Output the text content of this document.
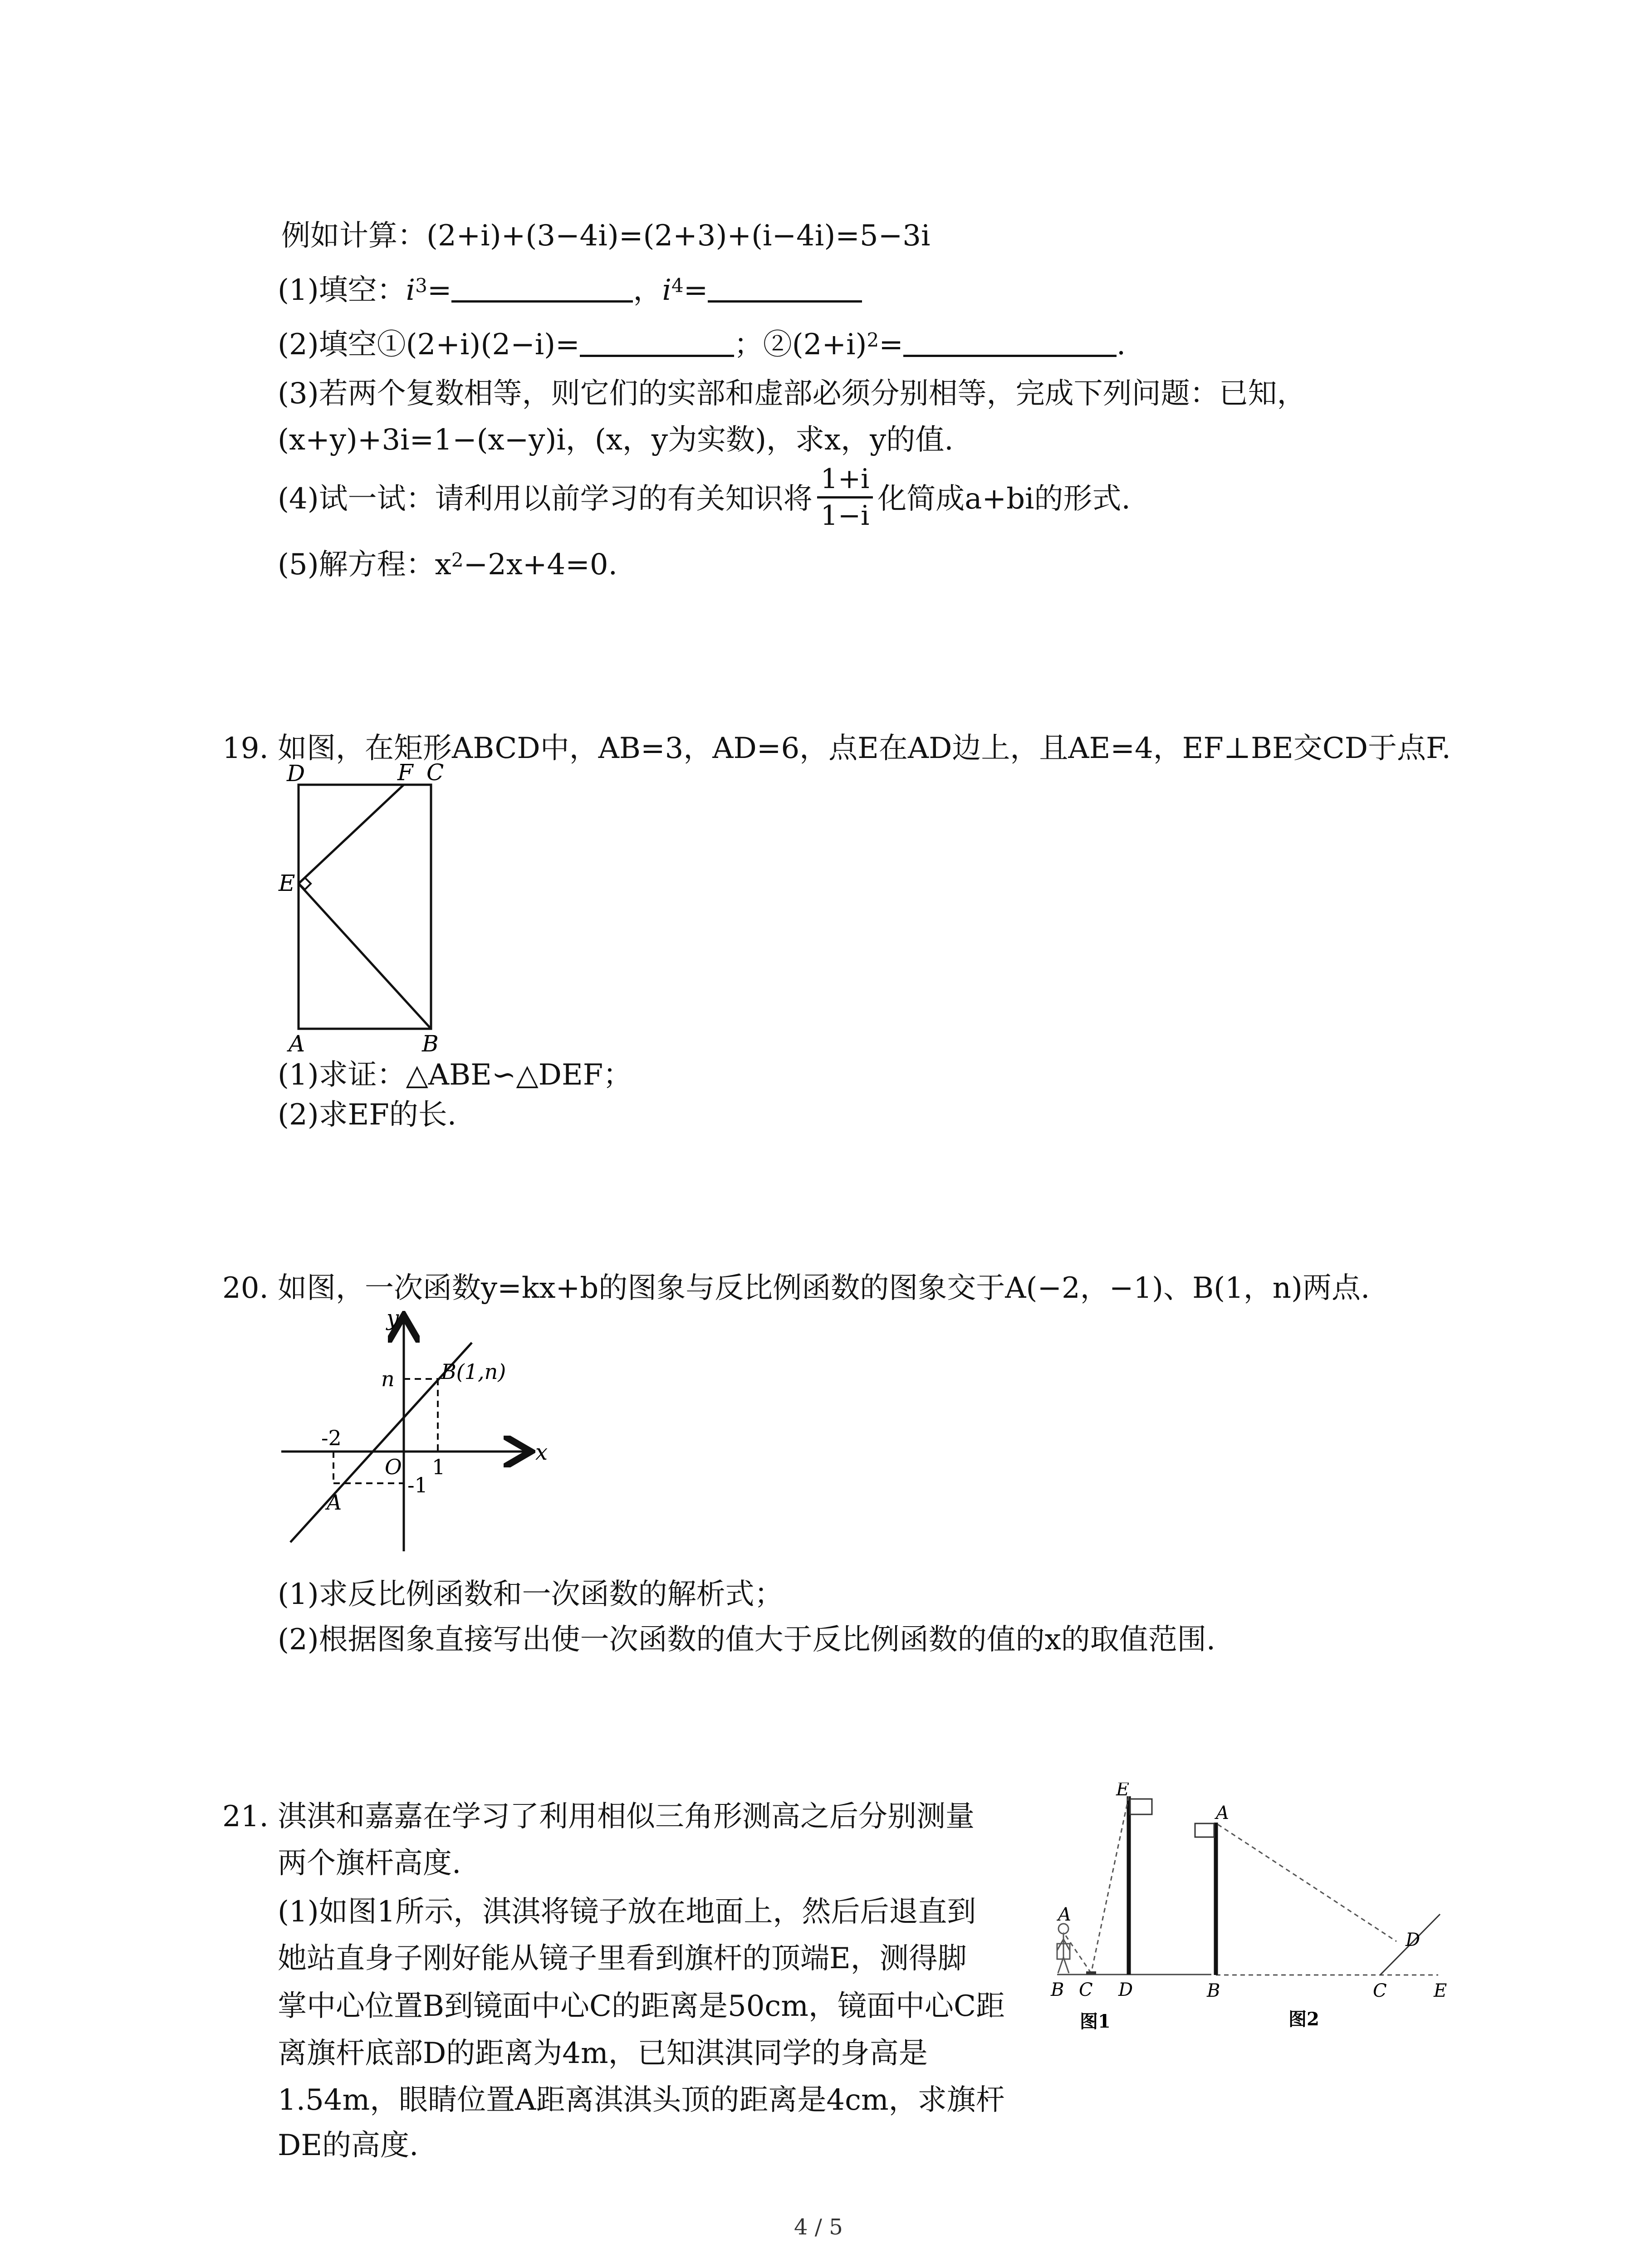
例如计算：(2+i)+(3−4i)=(2+3)+(i−4i)=5−3i
(1)填空：$i^3=$	，$i^4=$
(2)填空①(2+i)(2−i)=	；$②(2+i)^2=$	.
(3)若两个复数相等，则它们的实部和虚部必须分别相等，完成下列问题：已知，
(x+y)+3i=1−(x−y)i，(x，y为实数)，求x，y的值.
(4)试一试：请利用以前学习的有关知识将 $\frac{1+i}{1-i}$ 化简成a+bi的形式.
(5)解方程：$x^2-2x+4=0$.
19. 如图，在矩形ABCD中，AB=3，AD=6，点E在AD边上，且AE=4，EF⊥BE交CD于点F.
D	F C
E
A	B
(1)求证：△ABE∽△DEF；
(2)求EF的长.
20. 如图，一次函数y=kx+b的图象与反比例函数的图象交于A(−2，−1)、B(1，n)两点.
y
x
n B(1,n)
-2
O 1
-1
A
(1)求反比例函数和一次函数的解析式；
(2)根据图象直接写出使一次函数的值大于反比例函数的值的x的取值范围.
21. 淇淇和嘉嘉在学习了利用相似三角形测高之后分别测量
两个旗杆高度.
(1)如图1所示，淇淇将镜子放在地面上，然后后退直到
她站直身子刚好能从镜子里看到旗杆的顶端E，测得脚
掌中心位置B到镜面中心C的距离是50cm，镜面中心C距
离旗杆底部D的距离为4m，已知淇淇同学的身高是
1.54m，眼睛位置A距离淇淇头顶的距离是4cm，求旗杆
DE的高度.
E
A
B C D
图1
A
D
B	C	E
图2
4 / 5
